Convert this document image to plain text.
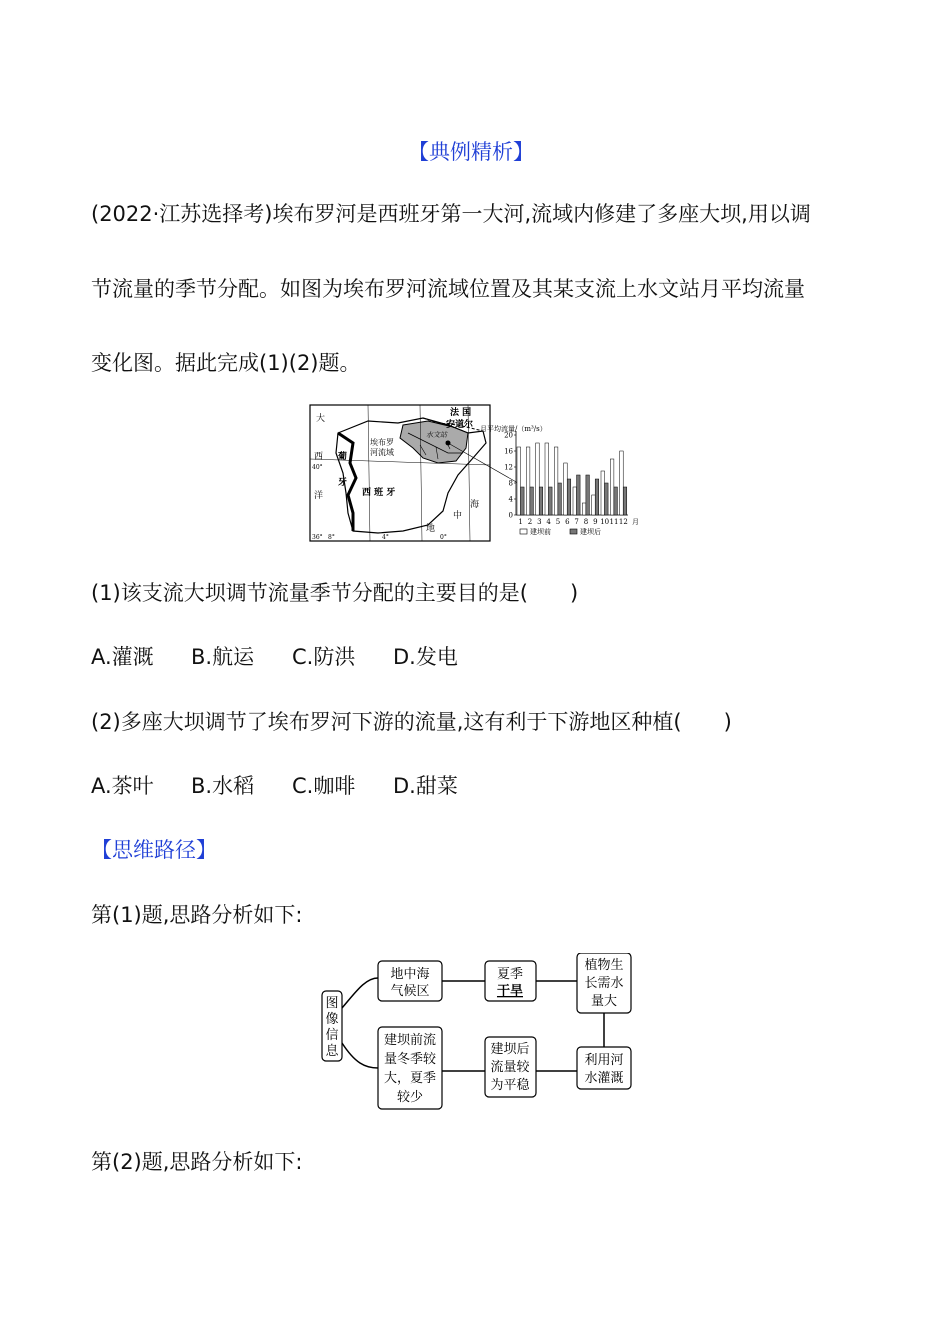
【典例精析】
(2022·江苏选择考)埃布罗河是西班牙第一大河,流域内修建了多座大坝,用以调
节流量的季节分配。如图为埃布罗河流域位置及其某支流上水文站月平均流量
变化图。据此完成(1)(2)题。
大
西
洋
葡
牙
西 班 牙
埃布罗
河流域
水文站
法 国
安道尔
地
中
海
40°
36° 8°	4°	0°
月平均流量/（m³/s）
0
4
8
12
16
20
1 2 3 4 5 6 7 8 9 10 11 12 月
建坝前	建坝后
(1)该支流大坝调节流量季节分配的主要目的是(　　)
A.灌溉 B.航运 C.防洪 D.发电
(2)多座大坝调节了埃布罗河下游的流量,这有利于下游地区种植(　　)
A.茶叶 B.水稻 C.咖啡 D.甜菜
【思维路径】
第(1)题,思路分析如下:
图
像
信
息
地中海
气候区
夏季
干旱
植物生
长需水
量大
建坝前流
量冬季较
大，夏季
较少
建坝后
流量较
为平稳
利用河
水灌溉
第(2)题,思路分析如下:
